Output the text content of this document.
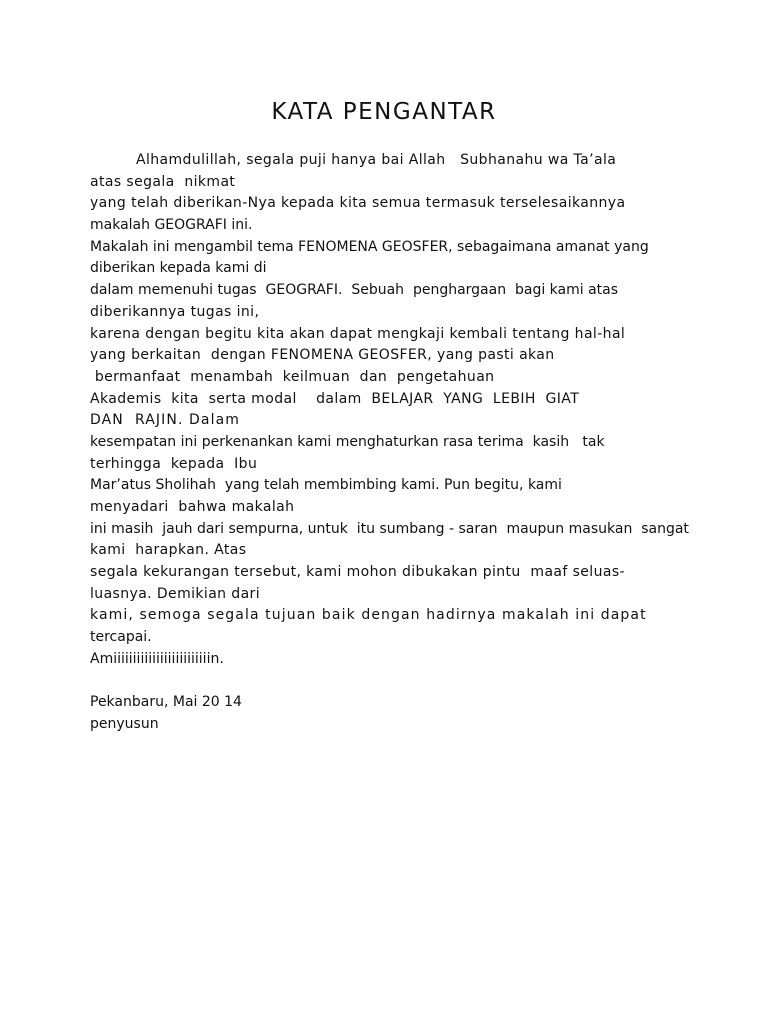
KATA PENGANTAR
Alhamdulillah, segala puji hanya bai Allah   Subhanahu wa Ta’ala
atas segala  nikmat
yang telah diberikan-Nya kepada kita semua termasuk terselesaikannya
makalah GEOGRAFI ini.
Makalah ini mengambil tema FENOMENA GEOSFER, sebagaimana amanat yang
diberikan kepada kami di
dalam memenuhi tugas  GEOGRAFI.  Sebuah  penghargaan  bagi kami atas
diberikannya tugas ini,
karena dengan begitu kita akan dapat mengkaji kembali tentang hal-hal
yang berkaitan  dengan FENOMENA GEOSFER, yang pasti akan
bermanfaat  menambah  keilmuan  dan  pengetahuan
Akademis  kita  serta modal    dalam  BELAJAR  YANG  LEBIH  GIAT
DAN  RAJIN. Dalam
kesempatan ini perkenankan kami menghaturkan rasa terima  kasih   tak
terhingga  kepada  Ibu
Mar’atus Sholihah  yang telah membimbing kami. Pun begitu, kami
menyadari  bahwa makalah
ini masih  jauh dari sempurna, untuk  itu sumbang - saran  maupun masukan  sangat
kami  harapkan. Atas
segala kekurangan tersebut, kami mohon dibukakan pintu  maaf seluas-
luasnya. Demikian dari
kami, semoga segala tujuan baik dengan hadirnya makalah ini dapat
tercapai.
Amiiiiiiiiiiiiiiiiiiiiiiiiin.
Pekanbaru, Mai 20 14
penyusun
